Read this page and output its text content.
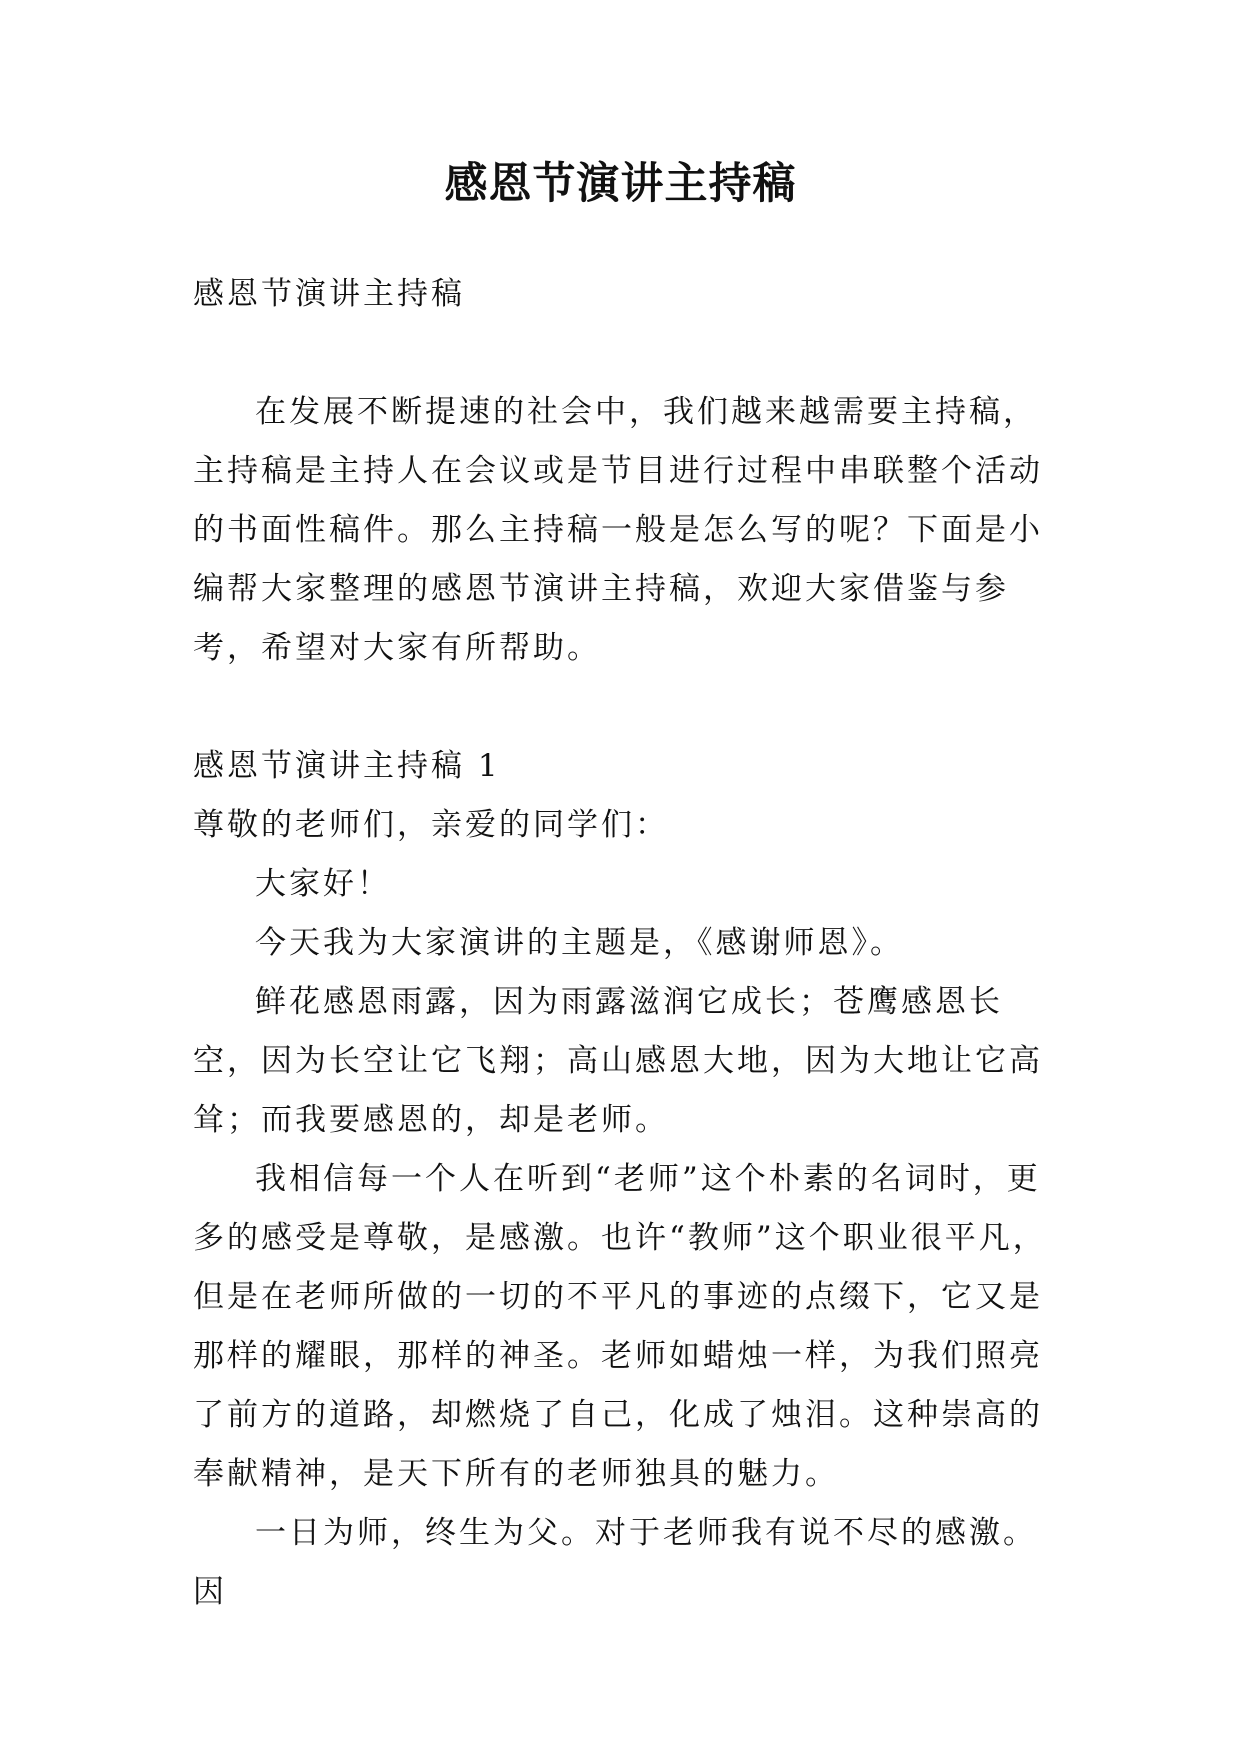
感恩节演讲主持稿

感恩节演讲主持稿

在发展不断提速的社会中，我们越来越需要主持稿，主持稿是主持人在会议或是节目进行过程中串联整个活动的书面性稿件。那么主持稿一般是怎么写的呢？下面是小编帮大家整理的感恩节演讲主持稿，欢迎大家借鉴与参考，希望对大家有所帮助。

感恩节演讲主持稿 1

尊敬的老师们，亲爱的同学们：

大家好！

今天我为大家演讲的主题是，《感谢师恩》。

鲜花感恩雨露，因为雨露滋润它成长；苍鹰感恩长空，因为长空让它飞翔；高山感恩大地，因为大地让它高耸；而我要感恩的，却是老师。

我相信每一个人在听到“老师”这个朴素的名词时，更多的感受是尊敬，是感激。也许“教师”这个职业很平凡，但是在老师所做的一切的不平凡的事迹的点缀下，它又是那样的耀眼，那样的神圣。老师如蜡烛一样，为我们照亮了前方的道路，却燃烧了自己，化成了烛泪。这种崇高的奉献精神，是天下所有的老师独具的魅力。

一日为师，终生为父。对于老师我有说不尽的感激。因
